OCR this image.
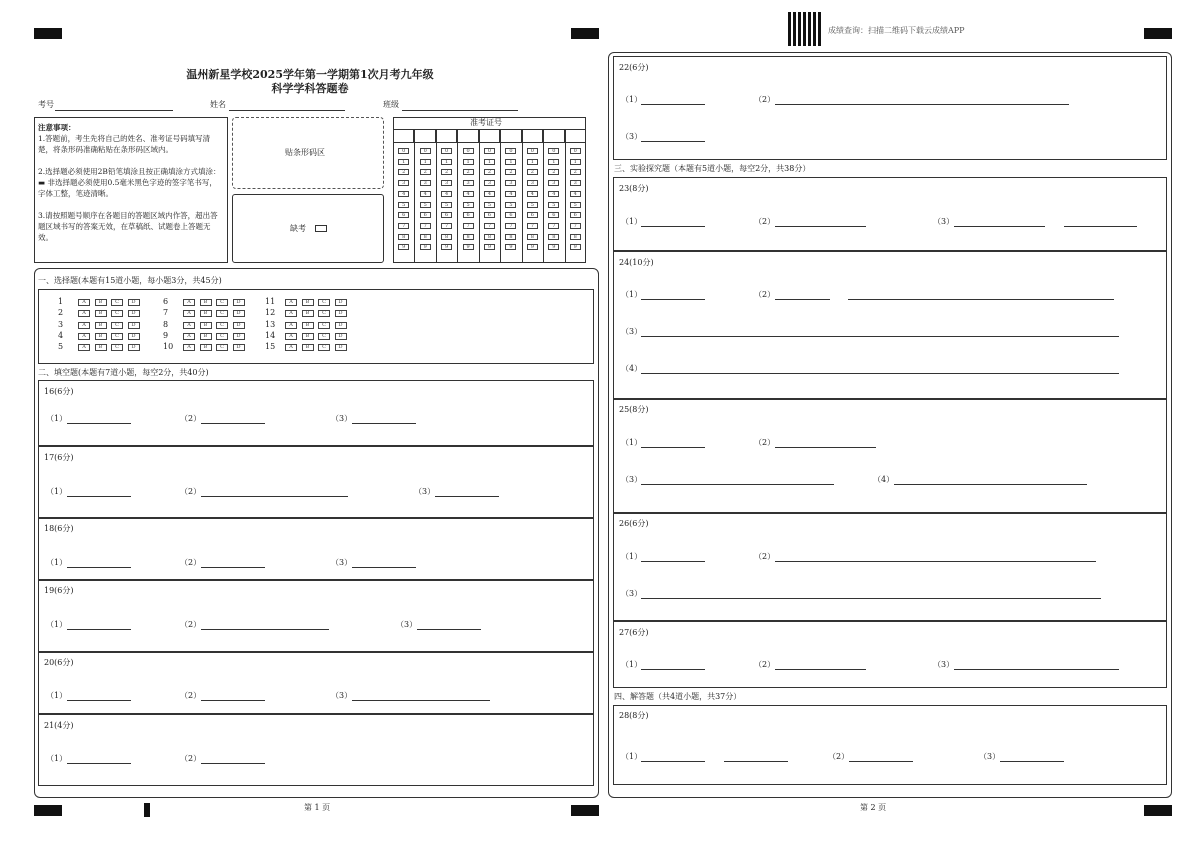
成绩查询：扫描二维码下载云成绩APP
温州新星学校2025学年第一学期第1次月考九年级
科学学科答题卷
考号	姓名	班级
注意事项：
1.答题前，考生先将自己的姓名、准考证号码填写清楚，将条形码准确粘贴在条形码区域内。
2.选择题必须使用2B铅笔填涂且按正确填涂方式填涂：▬ 非选择题必须使用0.5毫米黑色字迹的签字笔书写，字体工整，笔迹清晰。
3.请按照题号顺序在各题目的答题区域内作答，超出答题区域书写的答案无效，在草稿纸、试题卷上答题无效。
贴条形码区
缺考
准考证号
0
1
2
3
4
5
6
7
8
9
0
1
2
3
4
5
6
7
8
9
0
1
2
3
4
5
6
7
8
9
0
1
2
3
4
5
6
7
8
9
0
1
2
3
4
5
6
7
8
9
0
1
2
3
4
5
6
7
8
9
0
1
2
3
4
5
6
7
8
9
0
1
2
3
4
5
6
7
8
9
0
1
2
3
4
5
6
7
8
9
一、选择题(本题有15道小题，每小题3分，共45分)
1	A	B	C	D
2	A	B	C	D
3	A	B	C	D
4	A	B	C	D
5	A	B	C	D
6	A	B	C	D
7	A	B	C	D
8	A	B	C	D
9	A	B	C	D
10	A	B	C	D
11	A	B	C	D
12	A	B	C	D
13	A	B	C	D
14	A	B	C	D
15	A	B	C	D
二、填空题(本题有7道小题，每空2分，共40分)
16(6分)
（1）	（2）	（3）
17(6分)
（1）	（2）	（3）
18(6分)
（1）	（2）	（3）
19(6分)
（1）	（2）	（3）
20(6分)
（1）	（2）	（3）
21(4分)
（1）	（2）
第 1 页
22(6分)
（1）	（2）
（3）
三、实验探究题（本题有5道小题，每空2分，共38分）
23(8分)
（1）	（2）	（3）
24(10分)
（1）	（2）
（3）
（4）
25(8分)
（1）	（2）
（3）	（4）
26(6分)
（1）	（2）
（3）
27(6分)
（1）	（2）	（3）
四、解答题（共4道小题，共37分）
28(8分)
（1）	（2）	（3）
第 2 页
